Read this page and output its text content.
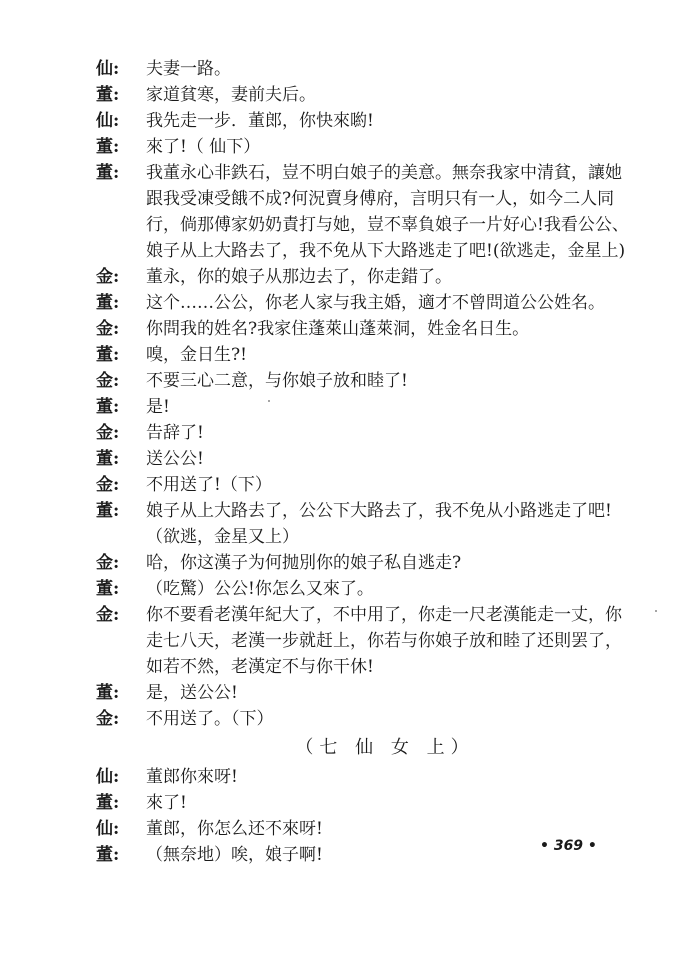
仙:	夫妻一路。
董:	家道貧寒，妻前夫后。
仙:	我先走一步．董郎，你快來喲!
董:	來了!（ 仙下）
董:	我董永心非鉄石，豈不明白娘子的美意。無奈我家中清貧，讓她
跟我受凍受餓不成?何況賣身傅府，言明只有一人，如今二人同
行，倘那傅家奶奶責打与她，豈不辜負娘子一片好心!我看公公、
娘子从上大路去了，我不免从下大路逃走了吧!(欲逃走，金星上)
金:	董永，你的娘子从那边去了，你走錯了。
董:	这个……公公，你老人家与我主婚，適才不曾問道公公姓名。
金:	你問我的姓名?我家住蓬萊山蓬萊洞，姓金名日生。
董:	嗅，金日生?!
金:	不要三心二意，与你娘子放和睦了!
董:	是!
金:	告辞了!
董:	送公公!
金:	不用送了!（下）
董:	娘子从上大路去了，公公下大路去了，我不免从小路逃走了吧!
（欲逃，金星又上）
金:	哈，你这漢子为何抛別你的娘子私自逃走?
董:	（吃驚）公公!你怎么又來了。
金:	你不要看老漢年紀大了，不中用了，你走一尺老漢能走一丈，你
走七八天，老漢一步就赶上，你若与你娘子放和睦了还則罢了，
如若不然，老漢定不与你干休!
董:	是，送公公!
金:	不用送了。（下）
（七 仙 女 上）
仙:	董郎你來呀!
董:	來了!
仙:	董郎，你怎么还不來呀!
董:	（無奈地）唉，娘子啊!	• 369 •
